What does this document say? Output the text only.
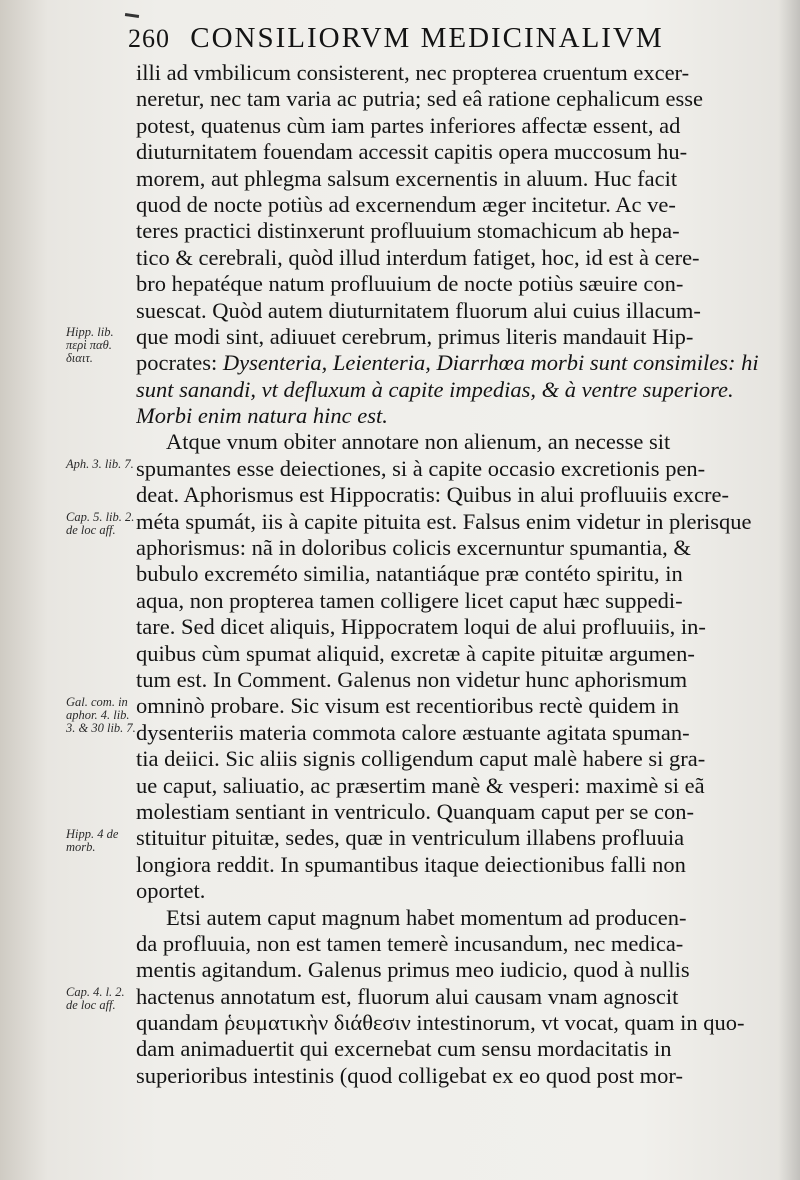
260 CONSILIORVM MEDICINALIVM
illi ad vmbilicum consisterent, nec propterea cruentum excer-
neretur, nec tam varia ac putria; sed eâ ratione cephalicum esse
potest, quatenus cùm iam partes inferiores affectæ essent, ad
diuturnitatem fouendam accessit capitis opera muccosum hu-
morem, aut phlegma salsum excernentis in aluum. Huc facit
quod de nocte potiùs ad excernendum æger incitetur. Ac ve-
teres practici distinxerunt profluuium stomachicum ab hepa-
tico & cerebrali, quòd illud interdum fatiget, hoc, id est à cere-
bro hepatéque natum profluuium de nocte potiùs sæuire con-
suescat. Quòd autem diuturnitatem fluorum alui cuius illacum-
que modi sint, adiuuet cerebrum, primus literis mandauit Hip-
pocrates: Dysenteria, Leienteria, Diarrhœa morbi sunt consimiles: hi
sunt sanandi, vt defluxum à capite impedias, & à ventre superiore.
Morbi enim natura hinc est.
Atque vnum obiter annotare non alienum, an necesse sit
spumantes esse deiectiones, si à capite occasio excretionis pen-
deat. Aphorismus est Hippocratis: Quibus in alui profluuiis excre-
méta spumát, iis à capite pituita est. Falsus enim videtur in plerisque
aphorismus: nã in doloribus colicis excernuntur spumantia, &
bubulo excreméto similia, natantiáque præ contéto spiritu, in
aqua, non propterea tamen colligere licet caput hæc suppedi-
tare. Sed dicet aliquis, Hippocratem loqui de alui profluuiis, in-
quibus cùm spumat aliquid, excretæ à capite pituitæ argumen-
tum est. In Comment. Galenus non videtur hunc aphorismum
omninò probare. Sic visum est recentioribus rectè quidem in
dysenteriis materia commota calore æstuante agitata spuman-
tia deiici. Sic aliis signis colligendum caput malè habere si gra-
ue caput, saliuatio, ac præsertim manè & vesperi: maximè si eã
molestiam sentiant in ventriculo. Quanquam caput per se con-
stituitur pituitæ, sedes, quæ in ventriculum illabens profluuia
longiora reddit. In spumantibus itaque deiectionibus falli non
oportet.
Etsi autem caput magnum habet momentum ad producen-
da profluuia, non est tamen temerè incusandum, nec medica-
mentis agitandum. Galenus primus meo iudicio, quod à nullis
hactenus annotatum est, fluorum alui causam vnam agnoscit
quandam ῥευματικὴν διάθεσιν intestinorum, vt vocat, quam in quo-
dam animaduertit qui excernebat cum sensu mordacitatis in
superioribus intestinis (quod colligebat ex eo quod post mor-
Hipp. lib. περὶ παθ. διαιτ.
Aph. 3. lib. 7.
Cap. 5. lib. 2. de loc aff.
Gal. com. in aphor. 4. lib. 3. & 30 lib. 7.
Hipp. 4 de morb.
Cap. 4. l. 2. de loc aff.
